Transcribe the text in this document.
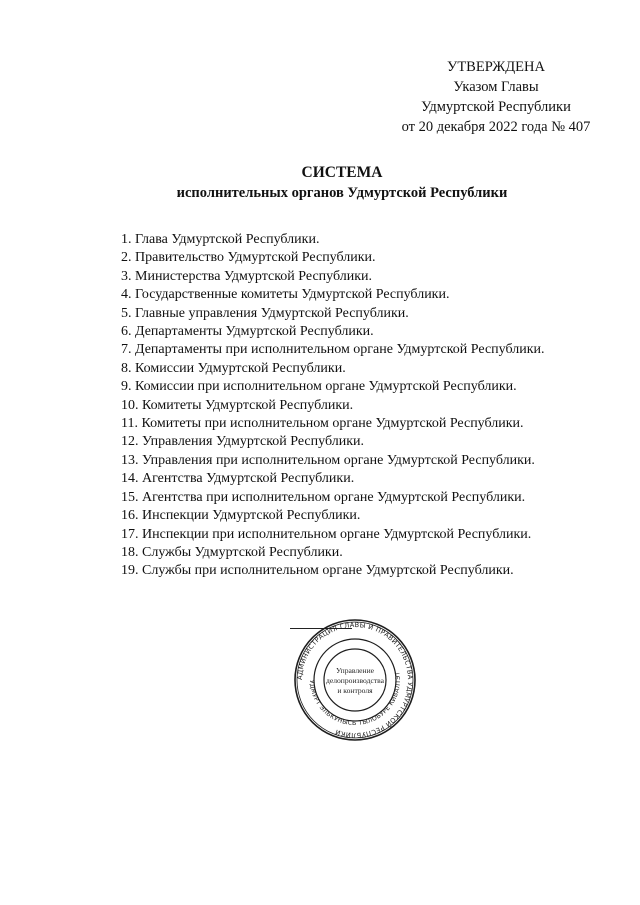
УТВЕРЖДЕНА
Указом Главы
Удмуртской Республики
от 20 декабря 2022 года № 407
СИСТЕМА
исполнительных органов Удмуртской Республики
1. Глава Удмуртской Республики.
2. Правительство Удмуртской Республики.
3. Министерства Удмуртской Республики.
4. Государственные комитеты Удмуртской Республики.
5. Главные управления Удмуртской Республики.
6. Департаменты Удмуртской Республики.
7. Департаменты при исполнительном органе Удмуртской Республики.
8. Комиссии Удмуртской Республики.
9. Комиссии при исполнительном органе Удмуртской Республики.
10. Комитеты Удмуртской Республики.
11. Комитеты при исполнительном органе Удмуртской Республики.
12. Управления Удмуртской Республики.
13. Управления при исполнительном органе Удмуртской Республики.
14. Агентства Удмуртской Республики.
15. Агентства при исполнительном органе Удмуртской Республики.
16. Инспекции Удмуртской Республики.
17. Инспекции при исполнительном органе Удмуртской Республики.
18. Службы Удмуртской Республики.
19. Службы при исполнительном органе Удмуртской Республики.
АДМИНИСТРАЦИЯ ГЛАВЫ И ПРАВИТЕЛЬСТВА УДМУРТСКОЙ РЕСПУБЛИКИ
УДМУРТ ЭЛЬКУНЫСЬ ТЫЛОБУРЕ КИВАЛТЭТ
Управление
делопроизводства
и контроля
